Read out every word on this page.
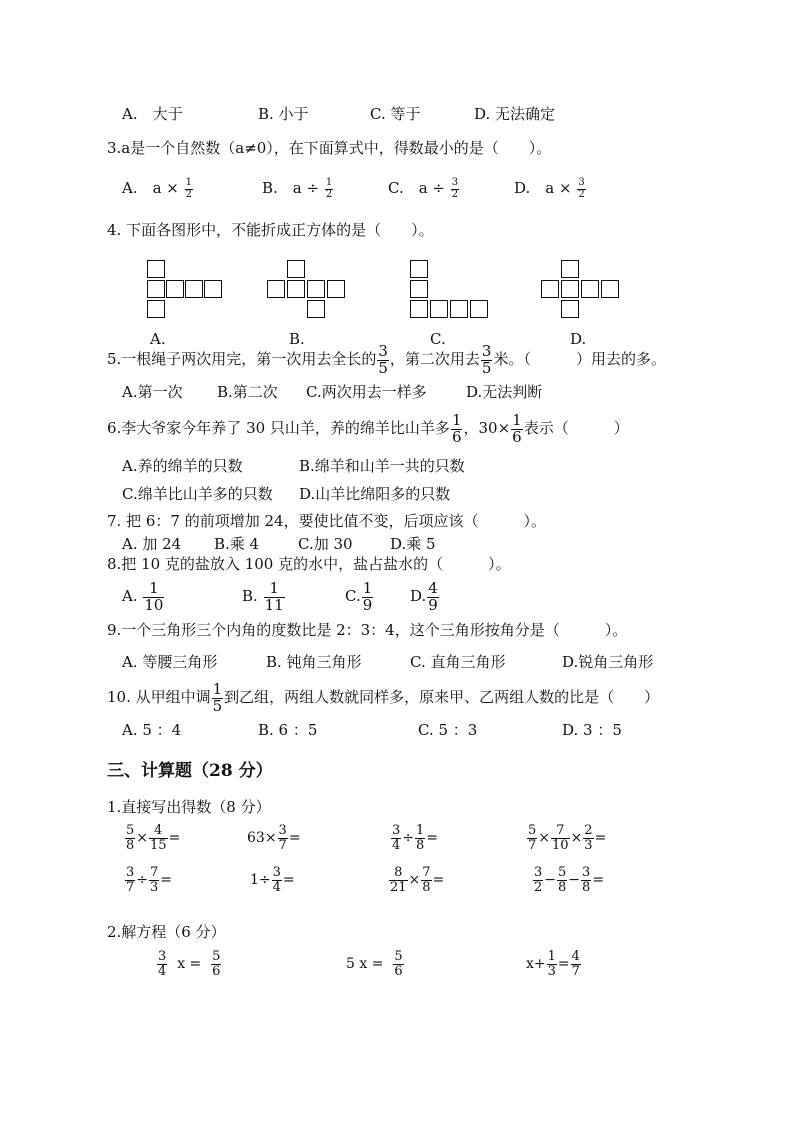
A.　大于	B. 小于	C. 等于	D. 无法确定
3.a是一个自然数（a≠0），在下面算式中，得数最小的是（　　）。
A.　$a \times \frac{1}{2}$	B.　$a \div \frac{1}{2}$	C.　$a \div \frac{3}{2}$	D.　$a \times \frac{3}{2}$
4. 下面各图形中，不能折成正方体的是（　　）。
A.	B.	C.	D.
5.一根绳子两次用完，第一次用去全长的 $\frac{3}{5}$ ，第二次用去 $\frac{3}{5}$ 米。（　　　）用去的多。
A.第一次 B.第二次 C.两次用去一样多	D.无法判断
6.李大爷家今年养了 30 只山羊，养的绵羊比山羊多 $\frac{1}{6}$ ，$30\times \frac{1}{6}$ 表示（　　　）
A.养的绵羊的只数	B.绵羊和山羊一共的只数
C.绵羊比山羊多的只数 D.山羊比绵阳多的只数
7. 把 6：7 的前项增加 24，要使比值不变，后项应该（　　　）。
A. 加 24 B.乘 4	C.加 30 D.乘 5
8.把 10 克的盐放入 100 克的水中，盐占盐水的（　　　）。
A. $\frac{1}{10}$	B. $\frac{1}{11}$	C. $\frac{1}{9} D$. $\frac{4}{9}$
9.一个三角形三个内角的度数比是 2：3：4，这个三角形按角分是（　　　）。
A. 等腰三角形	B. 钝角三角形	C. 直角三角形	D.锐角三角形
10. 从甲组中调 $\frac{1}{5}$ 到乙组，两组人数就同样多，原来甲、乙两组人数的比是（　　）
A. 5 ：4	B. 6 ：5	C. 5 ：3	D. 3 ：5
三、计算题（28 分）
1.直接写出得数（8 分）
$\frac{5}{8} \times \frac{4}{15}$ =	$63\times \frac{3}{7}$ =	$\frac{3}{4} \div \frac{1}{8}$ =	$\frac{5}{7} \times \frac{7}{10} \times \frac{2}{3}$ =
$\frac{3}{7} \div \frac{7}{3}$ =	$1\div \frac{3}{4}$ =	$\frac{8}{21} \times \frac{7}{8}$ =	$\frac{3}{2} - \frac{5}{8} - \frac{3}{8}$ =
2.解方程（6 分）
$\frac{3}{4}$ $x = \frac{5}{6}$	5 $x = \frac{5}{6}$	$x+ \frac{1}{3} = \frac{4}{7}$
